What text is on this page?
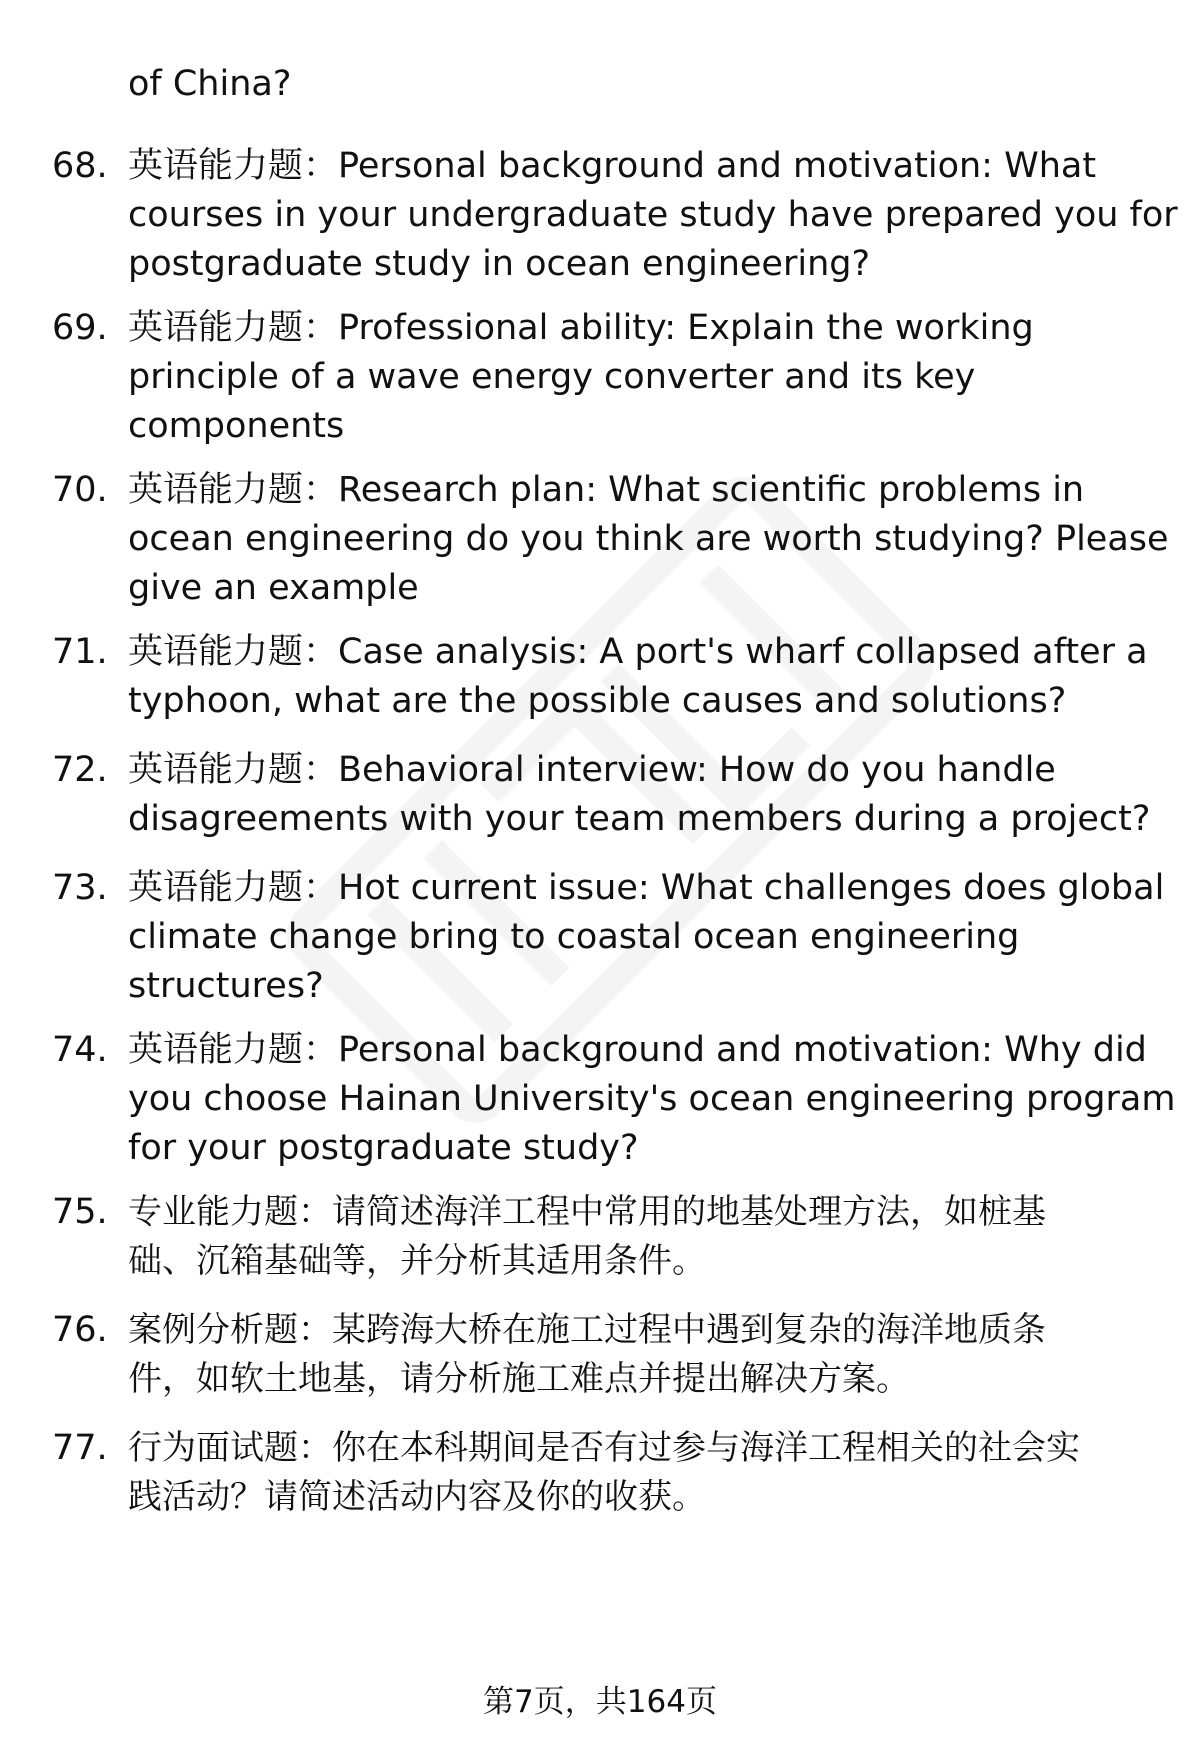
of China?
68. 英语能力题：Personal background and motivation: What
courses in your undergraduate study have prepared you for
postgraduate study in ocean engineering?
69. 英语能力题：Professional ability: Explain the working
principle of a wave energy converter and its key
components
70. 英语能力题：Research plan: What scientific problems in
ocean engineering do you think are worth studying? Please
give an example
71. 英语能力题：Case analysis: A port's wharf collapsed after a
typhoon, what are the possible causes and solutions?
72. 英语能力题：Behavioral interview: How do you handle
disagreements with your team members during a project?
73. 英语能力题：Hot current issue: What challenges does global
climate change bring to coastal ocean engineering
structures?
74. 英语能力题：Personal background and motivation: Why did
you choose Hainan University's ocean engineering program
for your postgraduate study?
75. 专业能力题：请简述海洋工程中常用的地基处理方法，如桩基
础、沉箱基础等，并分析其适用条件。
76. 案例分析题：某跨海大桥在施工过程中遇到复杂的海洋地质条
件，如软土地基，请分析施工难点并提出解决方案。
77. 行为面试题：你在本科期间是否有过参与海洋工程相关的社会实
践活动？请简述活动内容及你的收获。
第7页，共164页
